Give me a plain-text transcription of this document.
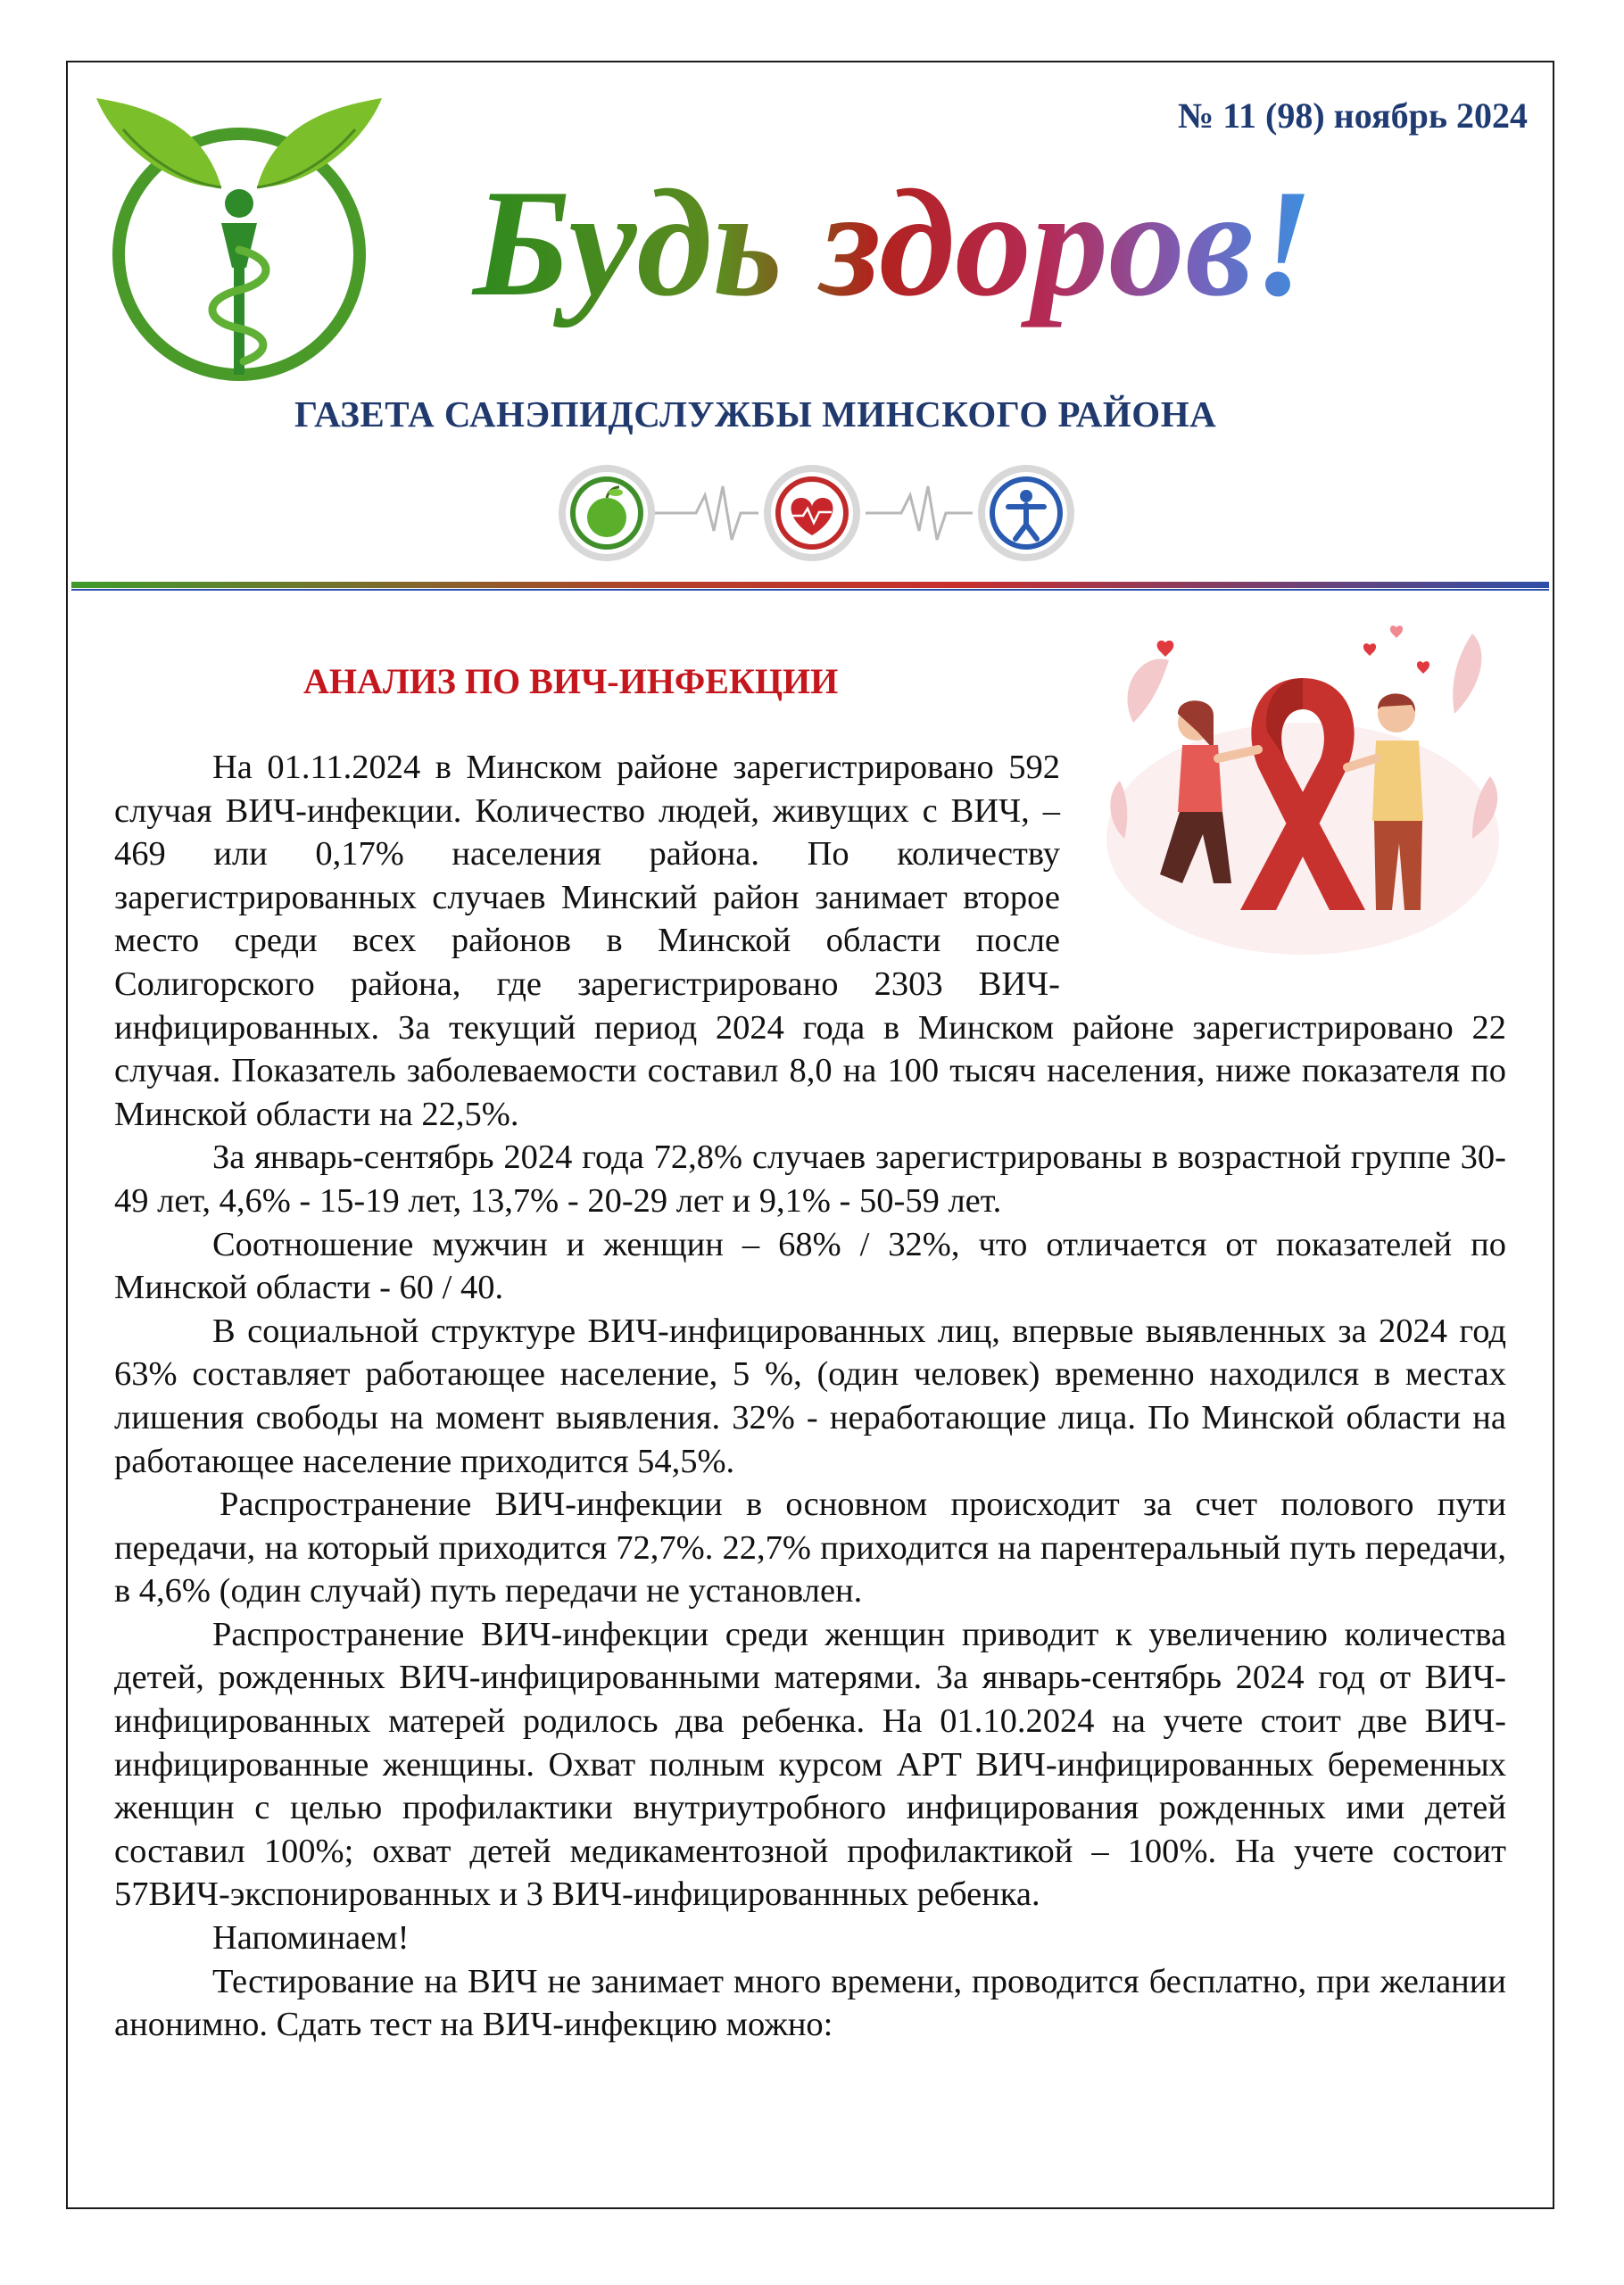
№ 11 (98) ноябрь 2024
Будь здоров!
ГАЗЕТА САНЭПИДСЛУЖБЫ МИНСКОГО РАЙОНА
АНАЛИЗ ПО ВИЧ-ИНФЕКЦИИ

На 01.11.2024 в Минском районе зарегистрировано 592 случая ВИЧ-инфекции. Количество людей, живущих с ВИЧ, – 469 или 0,17% населения района. По количеству зарегистрированных случаев Минский район занимает второе место среди всех районов в Минской области после Солигорского района, где зарегистрировано 2303 ВИЧ-инфицированных. За текущий период 2024 года в Минском районе зарегистрировано 22 случая. Показатель заболеваемости составил 8,0 на 100 тысяч населения, ниже показателя по Минской области на 22,5%.

За январь-сентябрь 2024 года 72,8% случаев зарегистрированы в возрастной группе 30-49 лет, 4,6% - 15-19 лет, 13,7% - 20-29 лет и 9,1% - 50-59 лет.

Соотношение мужчин и женщин – 68% / 32%, что отличается от показателей по Минской области - 60 / 40.

В социальной структуре ВИЧ-инфицированных лиц, впервые выявленных за 2024 год 63% составляет работающее население, 5 %, (один человек) временно находился в местах лишения свободы на момент выявления. 32% - неработающие лица. По Минской области на работающее население приходится 54,5%.

Распространение ВИЧ-инфекции в основном происходит за счет полового пути передачи, на который приходится 72,7%. 22,7% приходится на парентеральный путь передачи, в 4,6% (один случай) путь передачи не установлен.

Распространение ВИЧ-инфекции среди женщин приводит к увеличению количества детей, рожденных ВИЧ-инфицированными матерями. За январь-сентябрь 2024 год от ВИЧ-инфицированных матерей родилось два ребенка. На 01.10.2024 на учете стоит две ВИЧ-инфицированные женщины. Охват полным курсом АРТ ВИЧ-инфицированных беременных женщин с целью профилактики внутриутробного инфицирования рожденных ими детей составил 100%; охват детей медикаментозной профилактикой – 100%. На учете состоит 57ВИЧ-экспонированных и 3 ВИЧ-инфицированнных ребенка.

Напоминаем!

Тестирование на ВИЧ не занимает много времени, проводится бесплатно, при желании анонимно. Сдать тест на ВИЧ-инфекцию можно:
